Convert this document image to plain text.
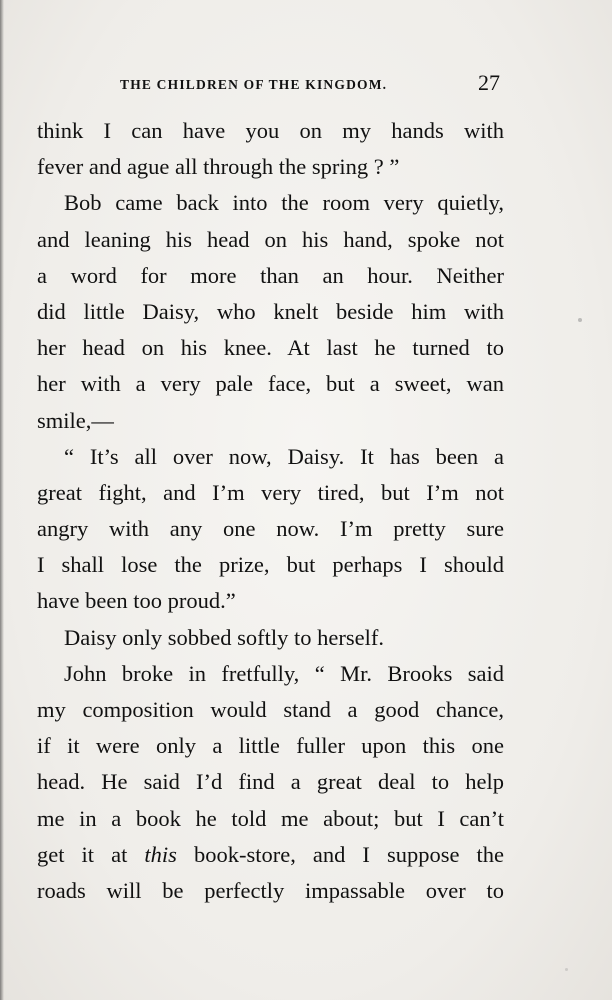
THE CHILDREN OF THE KINGDOM.	27
think I can have you on my hands with
fever and ague all through the spring ? ”
Bob came back into the room very quietly,
and leaning his head on his hand, spoke not
a word for more than an hour. Neither
did little Daisy, who knelt beside him with
her head on his knee. At last he turned to
her with a very pale face, but a sweet, wan
smile,—
“ It’s all over now, Daisy. It has been a
great fight, and I’m very tired, but I’m not
angry with any one now. I’m pretty sure
I shall lose the prize, but perhaps I should
have been too proud.”
Daisy only sobbed softly to herself.
John broke in fretfully, “ Mr. Brooks said
my composition would stand a good chance,
if it were only a little fuller upon this one
head. He said I’d find a great deal to help
me in a book he told me about; but I can’t
get it at this book-store, and I suppose the
roads will be perfectly impassable over to
